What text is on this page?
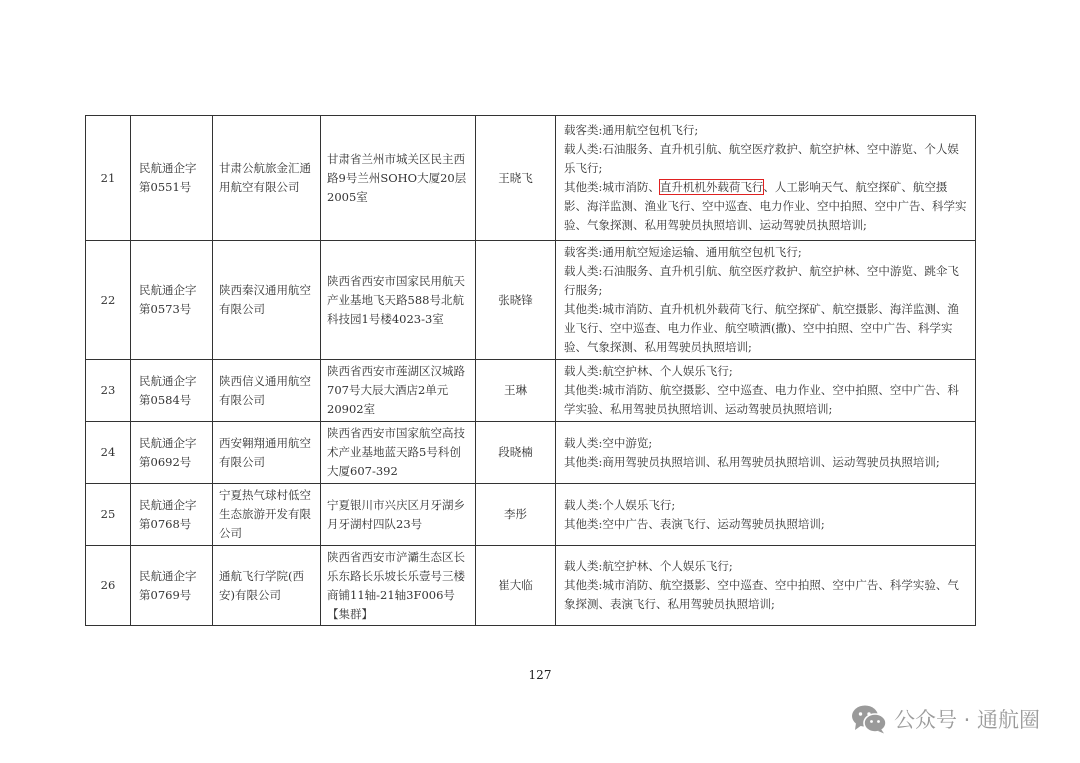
21	民航通企字第0551号	甘肃公航旅金汇通用航空有限公司	甘肃省兰州市城关区民主西路9号兰州SOHO大厦20层2005室	王晓飞	载客类:通用航空包机飞行;
载人类:石油服务、直升机引航、航空医疗救护、航空护林、空中游览、个人娱乐飞行;
其他类:城市消防、直升机机外载荷飞行、人工影响天气、航空探矿、航空摄影、海洋监测、渔业飞行、空中巡查、电力作业、空中拍照、空中广告、科学实验、气象探测、私用驾驶员执照培训、运动驾驶员执照培训;

22	民航通企字第0573号	陕西秦汉通用航空有限公司	陕西省西安市国家民用航天产业基地飞天路588号北航科技园1号楼4023-3室	张晓锋	载客类:通用航空短途运输、通用航空包机飞行;
载人类:石油服务、直升机引航、航空医疗救护、航空护林、空中游览、跳伞飞行服务;
其他类:城市消防、直升机机外载荷飞行、航空探矿、航空摄影、海洋监测、渔业飞行、空中巡查、电力作业、航空喷洒(撒)、空中拍照、空中广告、科学实验、气象探测、私用驾驶员执照培训;

23	民航通企字第0584号	陕西信义通用航空有限公司	陕西省西安市莲湖区汉城路707号大辰大酒店2单元20902室	王琳	载人类:航空护林、个人娱乐飞行;
其他类:城市消防、航空摄影、空中巡查、电力作业、空中拍照、空中广告、科学实验、私用驾驶员执照培训、运动驾驶员执照培训;

24	民航通企字第0692号	西安翱翔通用航空有限公司	陕西省西安市国家航空高技术产业基地蓝天路5号科创大厦607-392	段晓楠	载人类:空中游览;
其他类:商用驾驶员执照培训、私用驾驶员执照培训、运动驾驶员执照培训;

25	民航通企字第0768号	宁夏热气球村低空生态旅游开发有限公司	宁夏银川市兴庆区月牙湖乡月牙湖村四队23号	李彤	载人类:个人娱乐飞行;
其他类:空中广告、表演飞行、运动驾驶员执照培训;

26	民航通企字第0769号	通航飞行学院(西安)有限公司	陕西省西安市浐灞生态区长乐东路长乐坡长乐壹号三楼商铺11轴-21轴3F006号【集群】	崔大临	载人类:航空护林、个人娱乐飞行;
其他类:城市消防、航空摄影、空中巡查、空中拍照、空中广告、科学实验、气象探测、表演飞行、私用驾驶员执照培训;
127
公众号 · 通航圈
